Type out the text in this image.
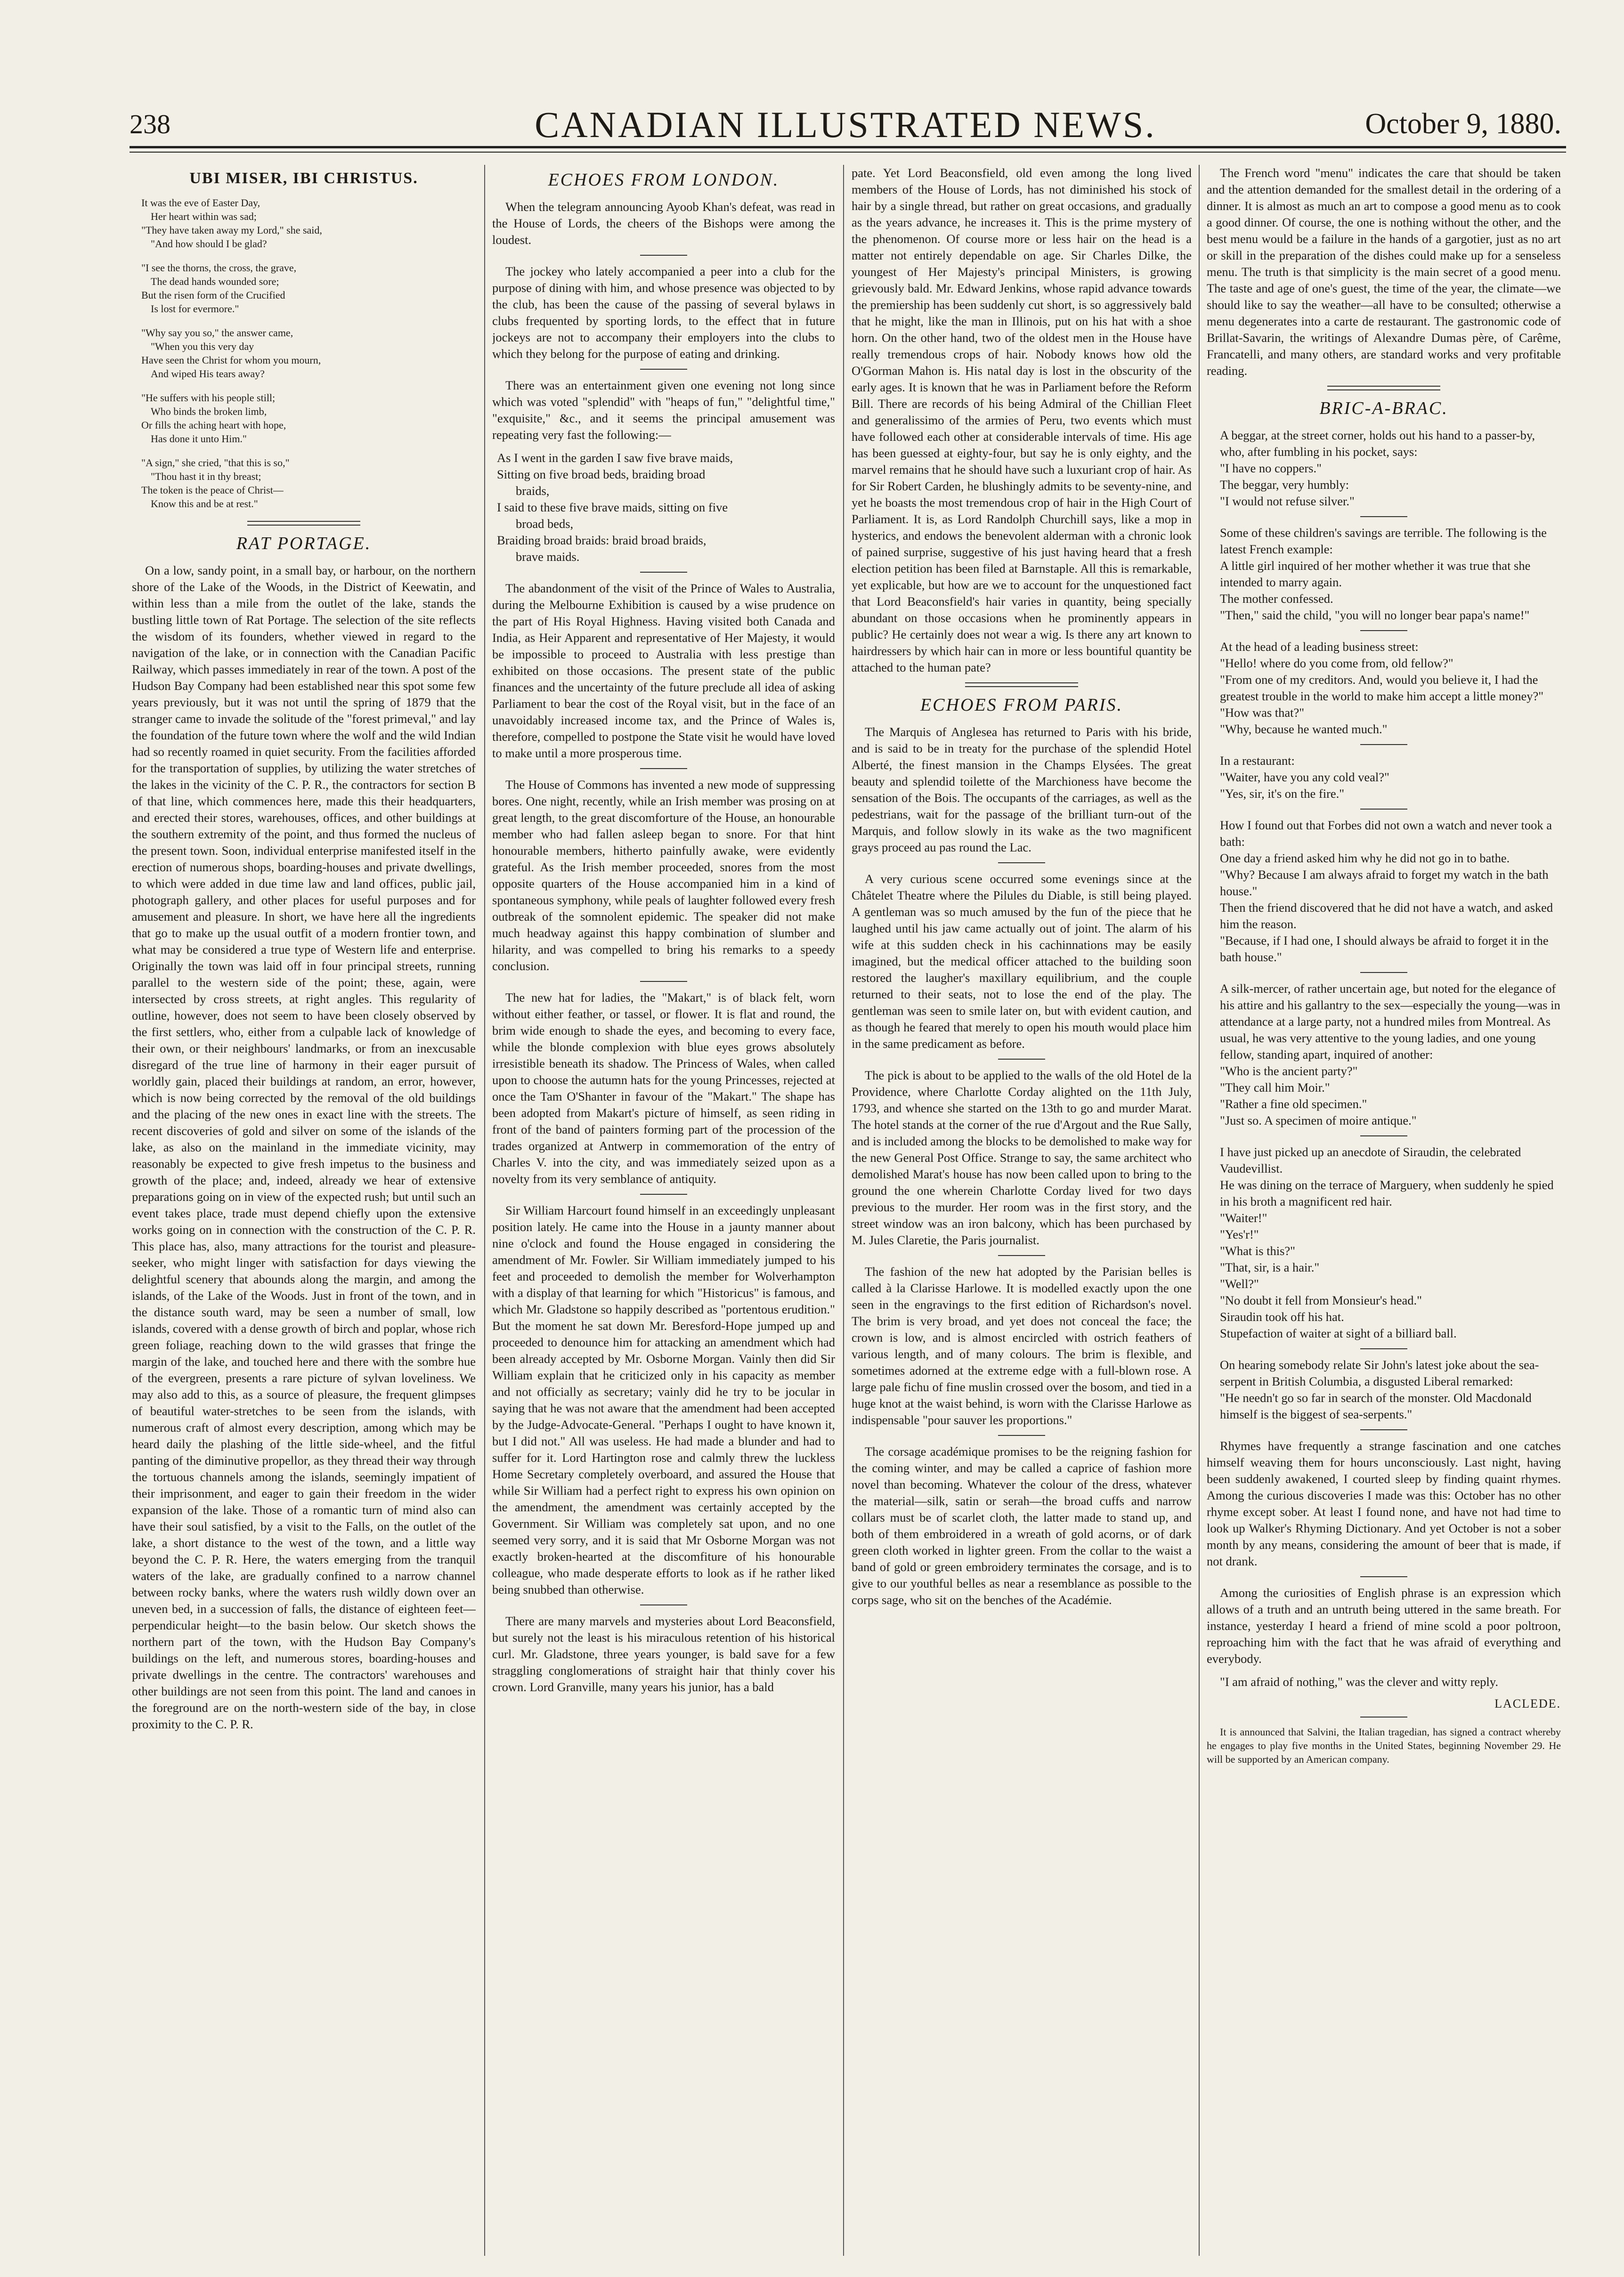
238	CANADIAN ILLUSTRATED NEWS.	October 9, 1880.
UBI MISER, IBI CHRISTUS.
It was the eve of Easter Day,
Her heart within was sad;
"They have taken away my Lord," she said,
"And how should I be glad?
"I see the thorns, the cross, the grave,
The dead hands wounded sore;
But the risen form of the Crucified
Is lost for evermore."
"Why say you so," the answer came,
"When you this very day
Have seen the Christ for whom you mourn,
And wiped His tears away?
"He suffers with his people still;
Who binds the broken limb,
Or fills the aching heart with hope,
Has done it unto Him."
"A sign," she cried, "that this is so,"
"Thou hast it in thy breast;
The token is the peace of Christ—
Know this and be at rest."
RAT PORTAGE.

On a low, sandy point, in a small bay, or harbour, on the northern shore of the Lake of the Woods, in the District of Keewatin, and within less than a mile from the outlet of the lake, stands the bustling little town of Rat Portage. The selection of the site reflects the wisdom of its founders, whether viewed in regard to the navigation of the lake, or in connection with the Canadian Pacific Railway, which passes immediately in rear of the town. A post of the Hudson Bay Company had been established near this spot some few years previously, but it was not until the spring of 1879 that the stranger came to invade the solitude of the "forest primeval," and lay the foundation of the future town where the wolf and the wild Indian had so recently roamed in quiet security. From the facilities afforded for the transportation of supplies, by utilizing the water stretches of the lakes in the vicinity of the C. P. R., the contractors for section B of that line, which commences here, made this their headquarters, and erected their stores, warehouses, offices, and other buildings at the southern extremity of the point, and thus formed the nucleus of the present town. Soon, individual enterprise manifested itself in the erection of numerous shops, boarding-houses and private dwellings, to which were added in due time law and land offices, public jail, photograph gallery, and other places for useful purposes and for amusement and pleasure. In short, we have here all the ingredients that go to make up the usual outfit of a modern frontier town, and what may be considered a true type of Western life and enterprise. Originally the town was laid off in four principal streets, running parallel to the western side of the point; these, again, were intersected by cross streets, at right angles. This regularity of outline, however, does not seem to have been closely observed by the first settlers, who, either from a culpable lack of knowledge of their own, or their neighbours' landmarks, or from an inexcusable disregard of the true line of harmony in their eager pursuit of worldly gain, placed their buildings at random, an error, however, which is now being corrected by the removal of the old buildings and the placing of the new ones in exact line with the streets. The recent discoveries of gold and silver on some of the islands of the lake, as also on the mainland in the immediate vicinity, may reasonably be expected to give fresh impetus to the business and growth of the place; and, indeed, already we hear of extensive preparations going on in view of the expected rush; but until such an event takes place, trade must depend chiefly upon the extensive works going on in connection with the construction of the C. P. R. This place has, also, many attractions for the tourist and pleasure-seeker, who might linger with satisfaction for days viewing the delightful scenery that abounds along the margin, and among the islands, of the Lake of the Woods. Just in front of the town, and in the distance south ward, may be seen a number of small, low islands, covered with a dense growth of birch and poplar, whose rich green foliage, reaching down to the wild grasses that fringe the margin of the lake, and touched here and there with the sombre hue of the evergreen, presents a rare picture of sylvan loveliness. We may also add to this, as a source of pleasure, the frequent glimpses of beautiful water-stretches to be seen from the islands, with numerous craft of almost every description, among which may be heard daily the plashing of the little side-wheel, and the fitful panting of the diminutive propellor, as they thread their way through the tortuous channels among the islands, seemingly impatient of their imprisonment, and eager to gain their freedom in the wider expansion of the lake. Those of a romantic turn of mind also can have their soul satisfied, by a visit to the Falls, on the outlet of the lake, a short distance to the west of the town, and a little way beyond the C. P. R. Here, the waters emerging from the tranquil waters of the lake, are gradually confined to a narrow channel between rocky banks, where the waters rush wildly down over an uneven bed, in a succession of falls, the distance of eighteen feet—perpendicular height—to the basin below. Our sketch shows the northern part of the town, with the Hudson Bay Company's buildings on the left, and numerous stores, boarding-houses and private dwellings in the centre. The contractors' warehouses and other buildings are not seen from this point. The land and canoes in the foreground are on the north-western side of the bay, in close proximity to the C. P. R.

ECHOES FROM LONDON.

When the telegram announcing Ayoob Khan's defeat, was read in the House of Lords, the cheers of the Bishops were among the loudest.

The jockey who lately accompanied a peer into a club for the purpose of dining with him, and whose presence was objected to by the club, has been the cause of the passing of several bylaws in clubs frequented by sporting lords, to the effect that in future jockeys are not to accompany their employers into the clubs to which they belong for the purpose of eating and drinking.

There was an entertainment given one evening not long since which was voted "splendid" with "heaps of fun," "delightful time," "exquisite," &c., and it seems the principal amusement was repeating very fast the following:—

As I went in the garden I saw five brave maids,
Sitting on five broad beds, braiding broad
braids,
I said to these five brave maids, sitting on five
broad beds,
Braiding broad braids: braid broad braids,
brave maids.

The abandonment of the visit of the Prince of Wales to Australia, during the Melbourne Exhibition is caused by a wise prudence on the part of His Royal Highness. Having visited both Canada and India, as Heir Apparent and representative of Her Majesty, it would be impossible to proceed to Australia with less prestige than exhibited on those occasions. The present state of the public finances and the uncertainty of the future preclude all idea of asking Parliament to bear the cost of the Royal visit, but in the face of an unavoidably increased income tax, and the Prince of Wales is, therefore, compelled to postpone the State visit he would have loved to make until a more prosperous time.

The House of Commons has invented a new mode of suppressing bores. One night, recently, while an Irish member was prosing on at great length, to the great discomforture of the House, an honourable member who had fallen asleep began to snore. For that hint honourable members, hitherto painfully awake, were evidently grateful. As the Irish member proceeded, snores from the most opposite quarters of the House accompanied him in a kind of spontaneous symphony, while peals of laughter followed every fresh outbreak of the somnolent epidemic. The speaker did not make much headway against this happy combination of slumber and hilarity, and was compelled to bring his remarks to a speedy conclusion.

The new hat for ladies, the "Makart," is of black felt, worn without either feather, or tassel, or flower. It is flat and round, the brim wide enough to shade the eyes, and becoming to every face, while the blonde complexion with blue eyes grows absolutely irresistible beneath its shadow. The Princess of Wales, when called upon to choose the autumn hats for the young Princesses, rejected at once the Tam O'Shanter in favour of the "Makart." The shape has been adopted from Makart's picture of himself, as seen riding in front of the band of painters forming part of the procession of the trades organized at Antwerp in commemoration of the entry of Charles V. into the city, and was immediately seized upon as a novelty from its very semblance of antiquity.

Sir William Harcourt found himself in an exceedingly unpleasant position lately. He came into the House in a jaunty manner about nine o'clock and found the House engaged in considering the amendment of Mr. Fowler. Sir William immediately jumped to his feet and proceeded to demolish the member for Wolverhampton with a display of that learning for which "Historicus" is famous, and which Mr. Gladstone so happily described as "portentous erudition." But the moment he sat down Mr. Beresford-Hope jumped up and proceeded to denounce him for attacking an amendment which had been already accepted by Mr. Osborne Morgan. Vainly then did Sir William explain that he criticized only in his capacity as member and not officially as secretary; vainly did he try to be jocular in saying that he was not aware that the amendment had been accepted by the Judge-Advocate-General. "Perhaps I ought to have known it, but I did not." All was useless. He had made a blunder and had to suffer for it. Lord Hartington rose and calmly threw the luckless Home Secretary completely overboard, and assured the House that while Sir William had a perfect right to express his own opinion on the amendment, the amendment was certainly accepted by the Government. Sir William was completely sat upon, and no one seemed very sorry, and it is said that Mr Osborne Morgan was not exactly broken-hearted at the discomfiture of his honourable colleague, who made desperate efforts to look as if he rather liked being snubbed than otherwise.

There are many marvels and mysteries about Lord Beaconsfield, but surely not the least is his miraculous retention of his historical curl. Mr. Gladstone, three years younger, is bald save for a few straggling conglomerations of straight hair that thinly cover his crown. Lord Granville, many years his junior, has a bald

pate. Yet Lord Beaconsfield, old even among the long lived members of the House of Lords, has not diminished his stock of hair by a single thread, but rather on great occasions, and gradually as the years advance, he increases it. This is the prime mystery of the phenomenon. Of course more or less hair on the head is a matter not entirely dependable on age. Sir Charles Dilke, the youngest of Her Majesty's principal Ministers, is growing grievously bald. Mr. Edward Jenkins, whose rapid advance towards the premiership has been suddenly cut short, is so aggressively bald that he might, like the man in Illinois, put on his hat with a shoe horn. On the other hand, two of the oldest men in the House have really tremendous crops of hair. Nobody knows how old the O'Gorman Mahon is. His natal day is lost in the obscurity of the early ages. It is known that he was in Parliament before the Reform Bill. There are records of his being Admiral of the Chillian Fleet and generalissimo of the armies of Peru, two events which must have followed each other at considerable intervals of time. His age has been guessed at eighty-four, but say he is only eighty, and the marvel remains that he should have such a luxuriant crop of hair. As for Sir Robert Carden, he blushingly admits to be seventy-nine, and yet he boasts the most tremendous crop of hair in the High Court of Parliament. It is, as Lord Randolph Churchill says, like a mop in hysterics, and endows the benevolent alderman with a chronic look of pained surprise, suggestive of his just having heard that a fresh election petition has been filed at Barnstaple. All this is remarkable, yet explicable, but how are we to account for the unquestioned fact that Lord Beaconsfield's hair varies in quantity, being specially abundant on those occasions when he prominently appears in public? He certainly does not wear a wig. Is there any art known to hairdressers by which hair can in more or less bountiful quantity be attached to the human pate?

ECHOES FROM PARIS.

The Marquis of Anglesea has returned to Paris with his bride, and is said to be in treaty for the purchase of the splendid Hotel Alberté, the finest mansion in the Champs Elysées. The great beauty and splendid toilette of the Marchioness have become the sensation of the Bois. The occupants of the carriages, as well as the pedestrians, wait for the passage of the brilliant turn-out of the Marquis, and follow slowly in its wake as the two magnificent grays proceed au pas round the Lac.

A very curious scene occurred some evenings since at the Châtelet Theatre where the Pilules du Diable, is still being played. A gentleman was so much amused by the fun of the piece that he laughed until his jaw came actually out of joint. The alarm of his wife at this sudden check in his cachinnations may be easily imagined, but the medical officer attached to the building soon restored the laugher's maxillary equilibrium, and the couple returned to their seats, not to lose the end of the play. The gentleman was seen to smile later on, but with evident caution, and as though he feared that merely to open his mouth would place him in the same predicament as before.

The pick is about to be applied to the walls of the old Hotel de la Providence, where Charlotte Corday alighted on the 11th July, 1793, and whence she started on the 13th to go and murder Marat. The hotel stands at the corner of the rue d'Argout and the Rue Sally, and is included among the blocks to be demolished to make way for the new General Post Office. Strange to say, the same architect who demolished Marat's house has now been called upon to bring to the ground the one wherein Charlotte Corday lived for two days previous to the murder. Her room was in the first story, and the street window was an iron balcony, which has been purchased by M. Jules Claretie, the Paris journalist.

The fashion of the new hat adopted by the Parisian belles is called à la Clarisse Harlowe. It is modelled exactly upon the one seen in the engravings to the first edition of Richardson's novel. The brim is very broad, and yet does not conceal the face; the crown is low, and is almost encircled with ostrich feathers of various length, and of many colours. The brim is flexible, and sometimes adorned at the extreme edge with a full-blown rose. A large pale fichu of fine muslin crossed over the bosom, and tied in a huge knot at the waist behind, is worn with the Clarisse Harlowe as indispensable "pour sauver les proportions."

The corsage académique promises to be the reigning fashion for the coming winter, and may be called a caprice of fashion more novel than becoming. Whatever the colour of the dress, whatever the material—silk, satin or serah—the broad cuffs and narrow collars must be of scarlet cloth, the latter made to stand up, and both of them embroidered in a wreath of gold acorns, or of dark green cloth worked in lighter green. From the collar to the waist a band of gold or green embroidery terminates the corsage, and is to give to our youthful belles as near a resemblance as possible to the corps sage, who sit on the benches of the Académie.

The French word "menu" indicates the care that should be taken and the attention demanded for the smallest detail in the ordering of a dinner. It is almost as much an art to compose a good menu as to cook a good dinner. Of course, the one is nothing without the other, and the best menu would be a failure in the hands of a gargotier, just as no art or skill in the preparation of the dishes could make up for a senseless menu. The truth is that simplicity is the main secret of a good menu. The taste and age of one's guest, the time of the year, the climate—we should like to say the weather—all have to be consulted; otherwise a menu degenerates into a carte de restaurant. The gastronomic code of Brillat-Savarin, the writings of Alexandre Dumas père, of Carême, Francatelli, and many others, are standard works and very profitable reading.

BRIC-A-BRAC.
A beggar, at the street corner, holds out his hand to a passer-by, who, after fumbling in his pocket, says:
"I have no coppers."
The beggar, very humbly:
"I would not refuse silver."
Some of these children's savings are terrible. The following is the latest French example:
A little girl inquired of her mother whether it was true that she intended to marry again.
The mother confessed.
"Then," said the child, "you will no longer bear papa's name!"
At the head of a leading business street:
"Hello! where do you come from, old fellow?"
"From one of my creditors. And, would you believe it, I had the greatest trouble in the world to make him accept a little money?"
"How was that?"
"Why, because he wanted much."
In a restaurant:
"Waiter, have you any cold veal?"
"Yes, sir, it's on the fire."
How I found out that Forbes did not own a watch and never took a bath:
One day a friend asked him why he did not go in to bathe.
"Why? Because I am always afraid to forget my watch in the bath house."
Then the friend discovered that he did not have a watch, and asked him the reason.
"Because, if I had one, I should always be afraid to forget it in the bath house."
A silk-mercer, of rather uncertain age, but noted for the elegance of his attire and his gallantry to the sex—especially the young—was in attendance at a large party, not a hundred miles from Montreal. As usual, he was very attentive to the young ladies, and one young fellow, standing apart, inquired of another:
"Who is the ancient party?"
"They call him Moir."
"Rather a fine old specimen."
"Just so. A specimen of moire antique."
I have just picked up an anecdote of Siraudin, the celebrated Vaudevillist.
He was dining on the terrace of Marguery, when suddenly he spied in his broth a magnificent red hair.
"Waiter!"
"Yes'r!"
"What is this?"
"That, sir, is a hair."
"Well?"
"No doubt it fell from Monsieur's head."
Siraudin took off his hat.
Stupefaction of waiter at sight of a billiard ball.
On hearing somebody relate Sir John's latest joke about the sea-serpent in British Columbia, a disgusted Liberal remarked:
"He needn't go so far in search of the monster. Old Macdonald himself is the biggest of sea-serpents."

Rhymes have frequently a strange fascination and one catches himself weaving them for hours unconsciously. Last night, having been suddenly awakened, I courted sleep by finding quaint rhymes. Among the curious discoveries I made was this: October has no other rhyme except sober. At least I found none, and have not had time to look up Walker's Rhyming Dictionary. And yet October is not a sober month by any means, considering the amount of beer that is made, if not drank.

Among the curiosities of English phrase is an expression which allows of a truth and an untruth being uttered in the same breath. For instance, yesterday I heard a friend of mine scold a poor poltroon, reproaching him with the fact that he was afraid of everything and everybody.

"I am afraid of nothing," was the clever and witty reply.

LACLEDE.

It is announced that Salvini, the Italian tragedian, has signed a contract whereby he engages to play five months in the United States, beginning November 29. He will be supported by an American company.
